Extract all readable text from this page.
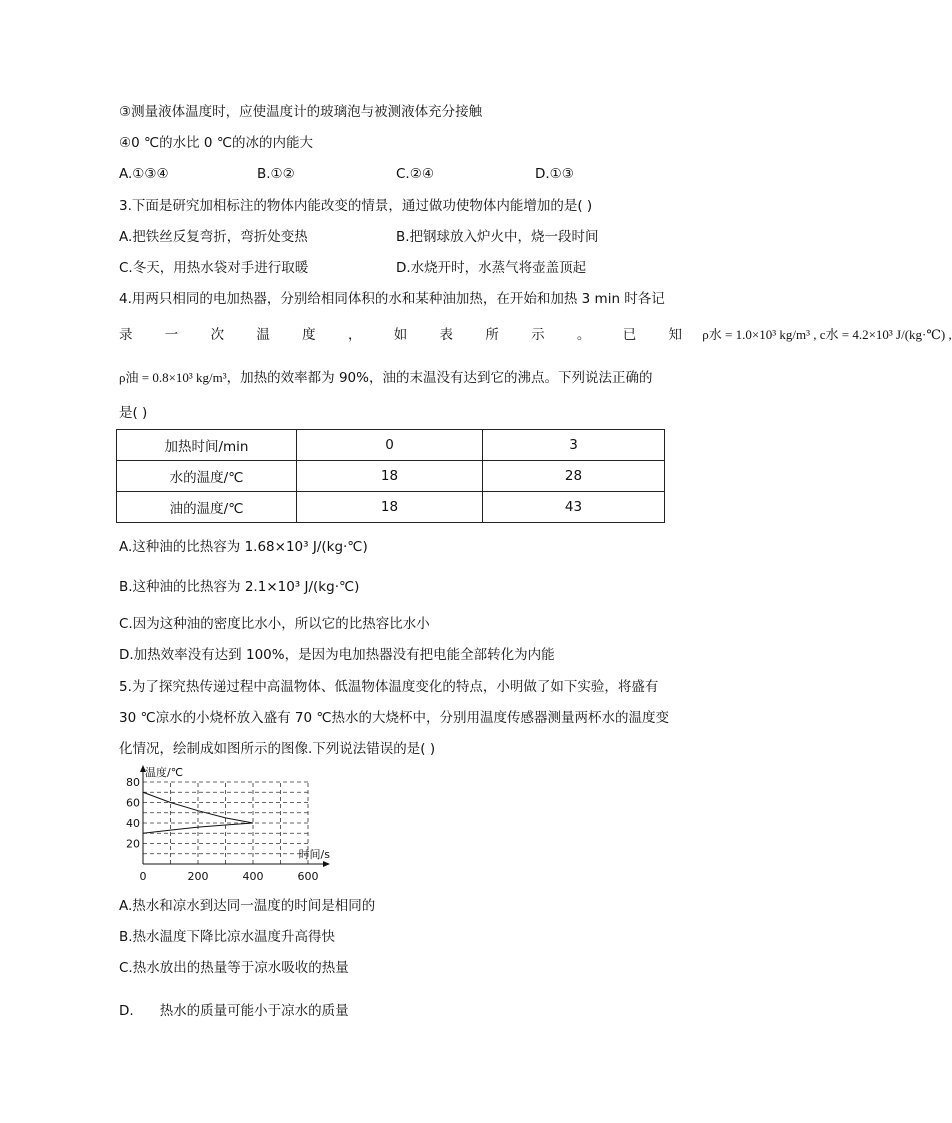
③测量液体温度时，应使温度计的玻璃泡与被测液体充分接触
④0 ℃的水比 0 ℃的冰的内能大
A.①③④	B.①②	C.②④	D.①③
3.下面是研究加相标注的物体内能改变的情景，通过做功使物体内能增加的是( )
A.把铁丝反复弯折，弯折处变热	B.把钢球放入炉火中，烧一段时间
C.冬天，用热水袋对手进行取暖	D.水烧开时，水蒸气将壶盖顶起
4.用两只相同的电加热器，分别给相同体积的水和某种油加热，在开始和加热 3 min 时各记
录 一 次 温 度 ， 如 表 所 示 。 已 知 ρ水 = 1.0×10³ kg/m³ , c水 = 4.2×10³ J/(kg·℃) ,
ρ油 = 0.8×10³ kg/m³，加热的效率都为 90%，油的末温没有达到它的沸点。下列说法正确的
是( )
加热时间/min	0	3
水的温度/℃	18	28
油的温度/℃	18	43
A.这种油的比热容为 1.68×10³ J/(kg·℃)
B.这种油的比热容为 2.1×10³ J/(kg·℃)
C.因为这种油的密度比水小，所以它的比热容比水小
D.加热效率没有达到 100%，是因为电加热器没有把电能全部转化为内能
5.为了探究热传递过程中高温物体、低温物体温度变化的特点，小明做了如下实验，将盛有
30 ℃凉水的小烧杯放入盛有 70 ℃热水的大烧杯中，分别用温度传感器测量两杯水的温度变
化情况，绘制成如图所示的图像.下列说法错误的是( )
20
40
60
80
0	200	400	600
温度/℃
时间/s
A.热水和凉水到达同一温度的时间是相同的
B.热水温度下降比凉水温度升高得快
C.热水放出的热量等于凉水吸收的热量
D. 热水的质量可能小于凉水的质量
